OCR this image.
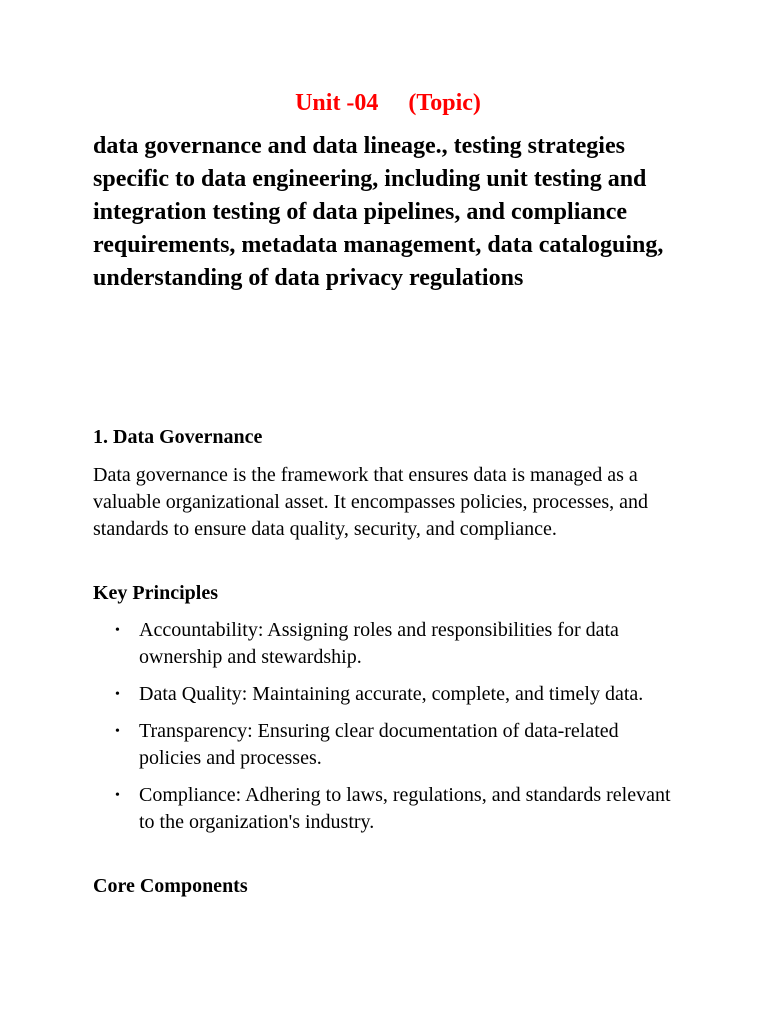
Unit -04     (Topic)
data governance and data lineage., testing strategies specific to data engineering, including unit testing and integration testing of data pipelines, and compliance requirements, metadata management, data cataloguing, understanding of data privacy regulations
1. Data Governance

Data governance is the framework that ensures data is managed as a valuable organizational asset. It encompasses policies, processes, and standards to ensure data quality, security, and compliance.

Key Principles
• Accountability: Assigning roles and responsibilities for data ownership and stewardship.
• Data Quality: Maintaining accurate, complete, and timely data.
• Transparency: Ensuring clear documentation of data-related policies and processes.
• Compliance: Adhering to laws, regulations, and standards relevant to the organization's industry.
Core Components
